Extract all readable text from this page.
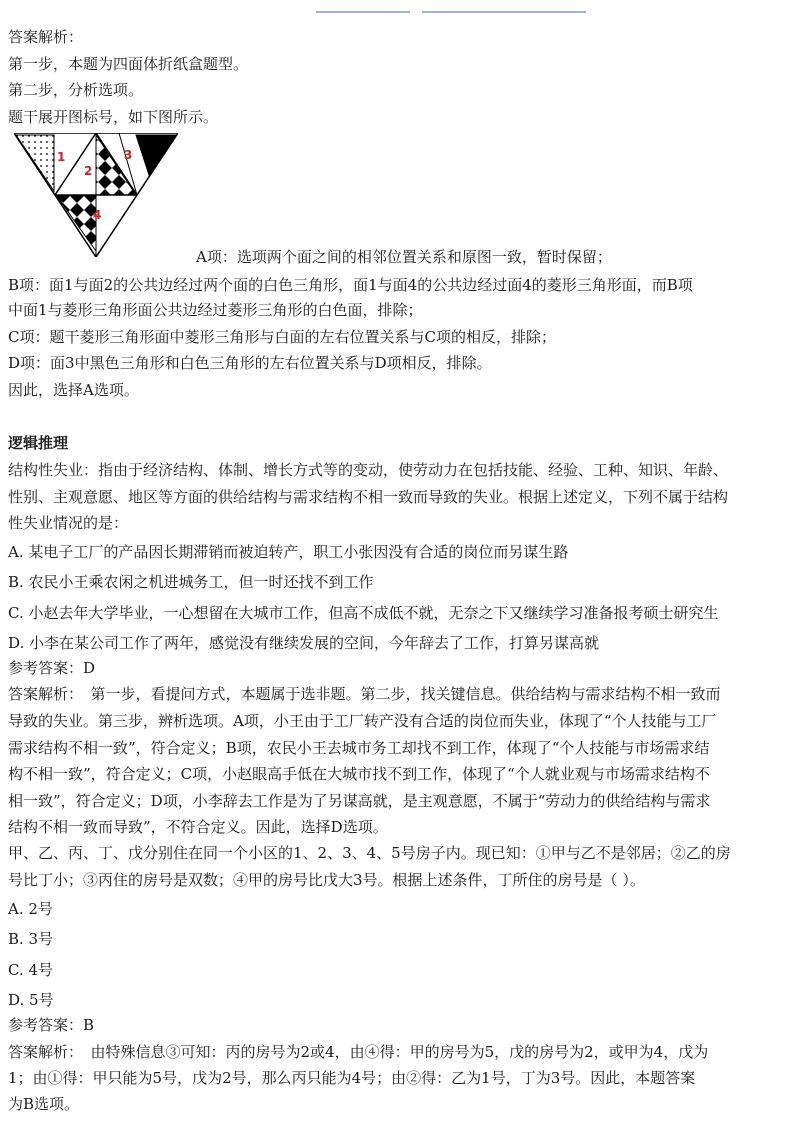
答案解析：
第一步，本题为四面体折纸盒题型。
第二步，分析选项。
题干展开图标号，如下图所示。
1
2
3
4
A项：选项两个面之间的相邻位置关系和原图一致，暂时保留；
B项：面1与面2的公共边经过两个面的白色三角形，面1与面4的公共边经过面4的菱形三角形面，而B项
中面1与菱形三角形面公共边经过菱形三角形的白色面，排除；
C项：题干菱形三角形面中菱形三角形与白面的左右位置关系与C项的相反，排除；
D项：面3中黑色三角形和白色三角形的左右位置关系与D项相反，排除。
因此，选择A选项。
逻辑推理
结构性失业：指由于经济结构、体制、增长方式等的变动，使劳动力在包括技能、经验、工种、知识、年龄、
性别、主观意愿、地区等方面的供给结构与需求结构不相一致而导致的失业。根据上述定义，下列不属于结构
性失业情况的是：
A. 某电子工厂的产品因长期滞销而被迫转产，职工小张因没有合适的岗位而另谋生路
B. 农民小王乘农闲之机进城务工，但一时还找不到工作
C. 小赵去年大学毕业，一心想留在大城市工作，但高不成低不就，无奈之下又继续学习准备报考硕士研究生
D. 小李在某公司工作了两年，感觉没有继续发展的空间，今年辞去了工作，打算另谋高就
参考答案：D
答案解析：　第一步，看提问方式，本题属于选非题。第二步，找关键信息。供给结构与需求结构不相一致而
导致的失业。第三步，辨析选项。A项，小王由于工厂转产没有合适的岗位而失业，体现了“个人技能与工厂
需求结构不相一致”，符合定义；B项，农民小王去城市务工却找不到工作，体现了“个人技能与市场需求结
构不相一致”，符合定义；C项，小赵眼高手低在大城市找不到工作，体现了“个人就业观与市场需求结构不
相一致”，符合定义；D项，小李辞去工作是为了另谋高就，是主观意愿，不属于“劳动力的供给结构与需求
结构不相一致而导致”，不符合定义。因此，选择D选项。
甲、乙、丙、丁、戊分别住在同一个小区的1、2、3、4、5号房子内。现已知：①甲与乙不是邻居；②乙的房
号比丁小；③丙住的房号是双数；④甲的房号比戊大3号。根据上述条件，丁所住的房号是（ ）。
A. 2号
B. 3号
C. 4号
D. 5号
参考答案：B
答案解析：　由特殊信息③可知：丙的房号为2或4，由④得：甲的房号为5，戊的房号为2，或甲为4，戊为
1；由①得：甲只能为5号，戊为2号，那么丙只能为4号；由②得：乙为1号，丁为3号。因此，本题答案
为B选项。
